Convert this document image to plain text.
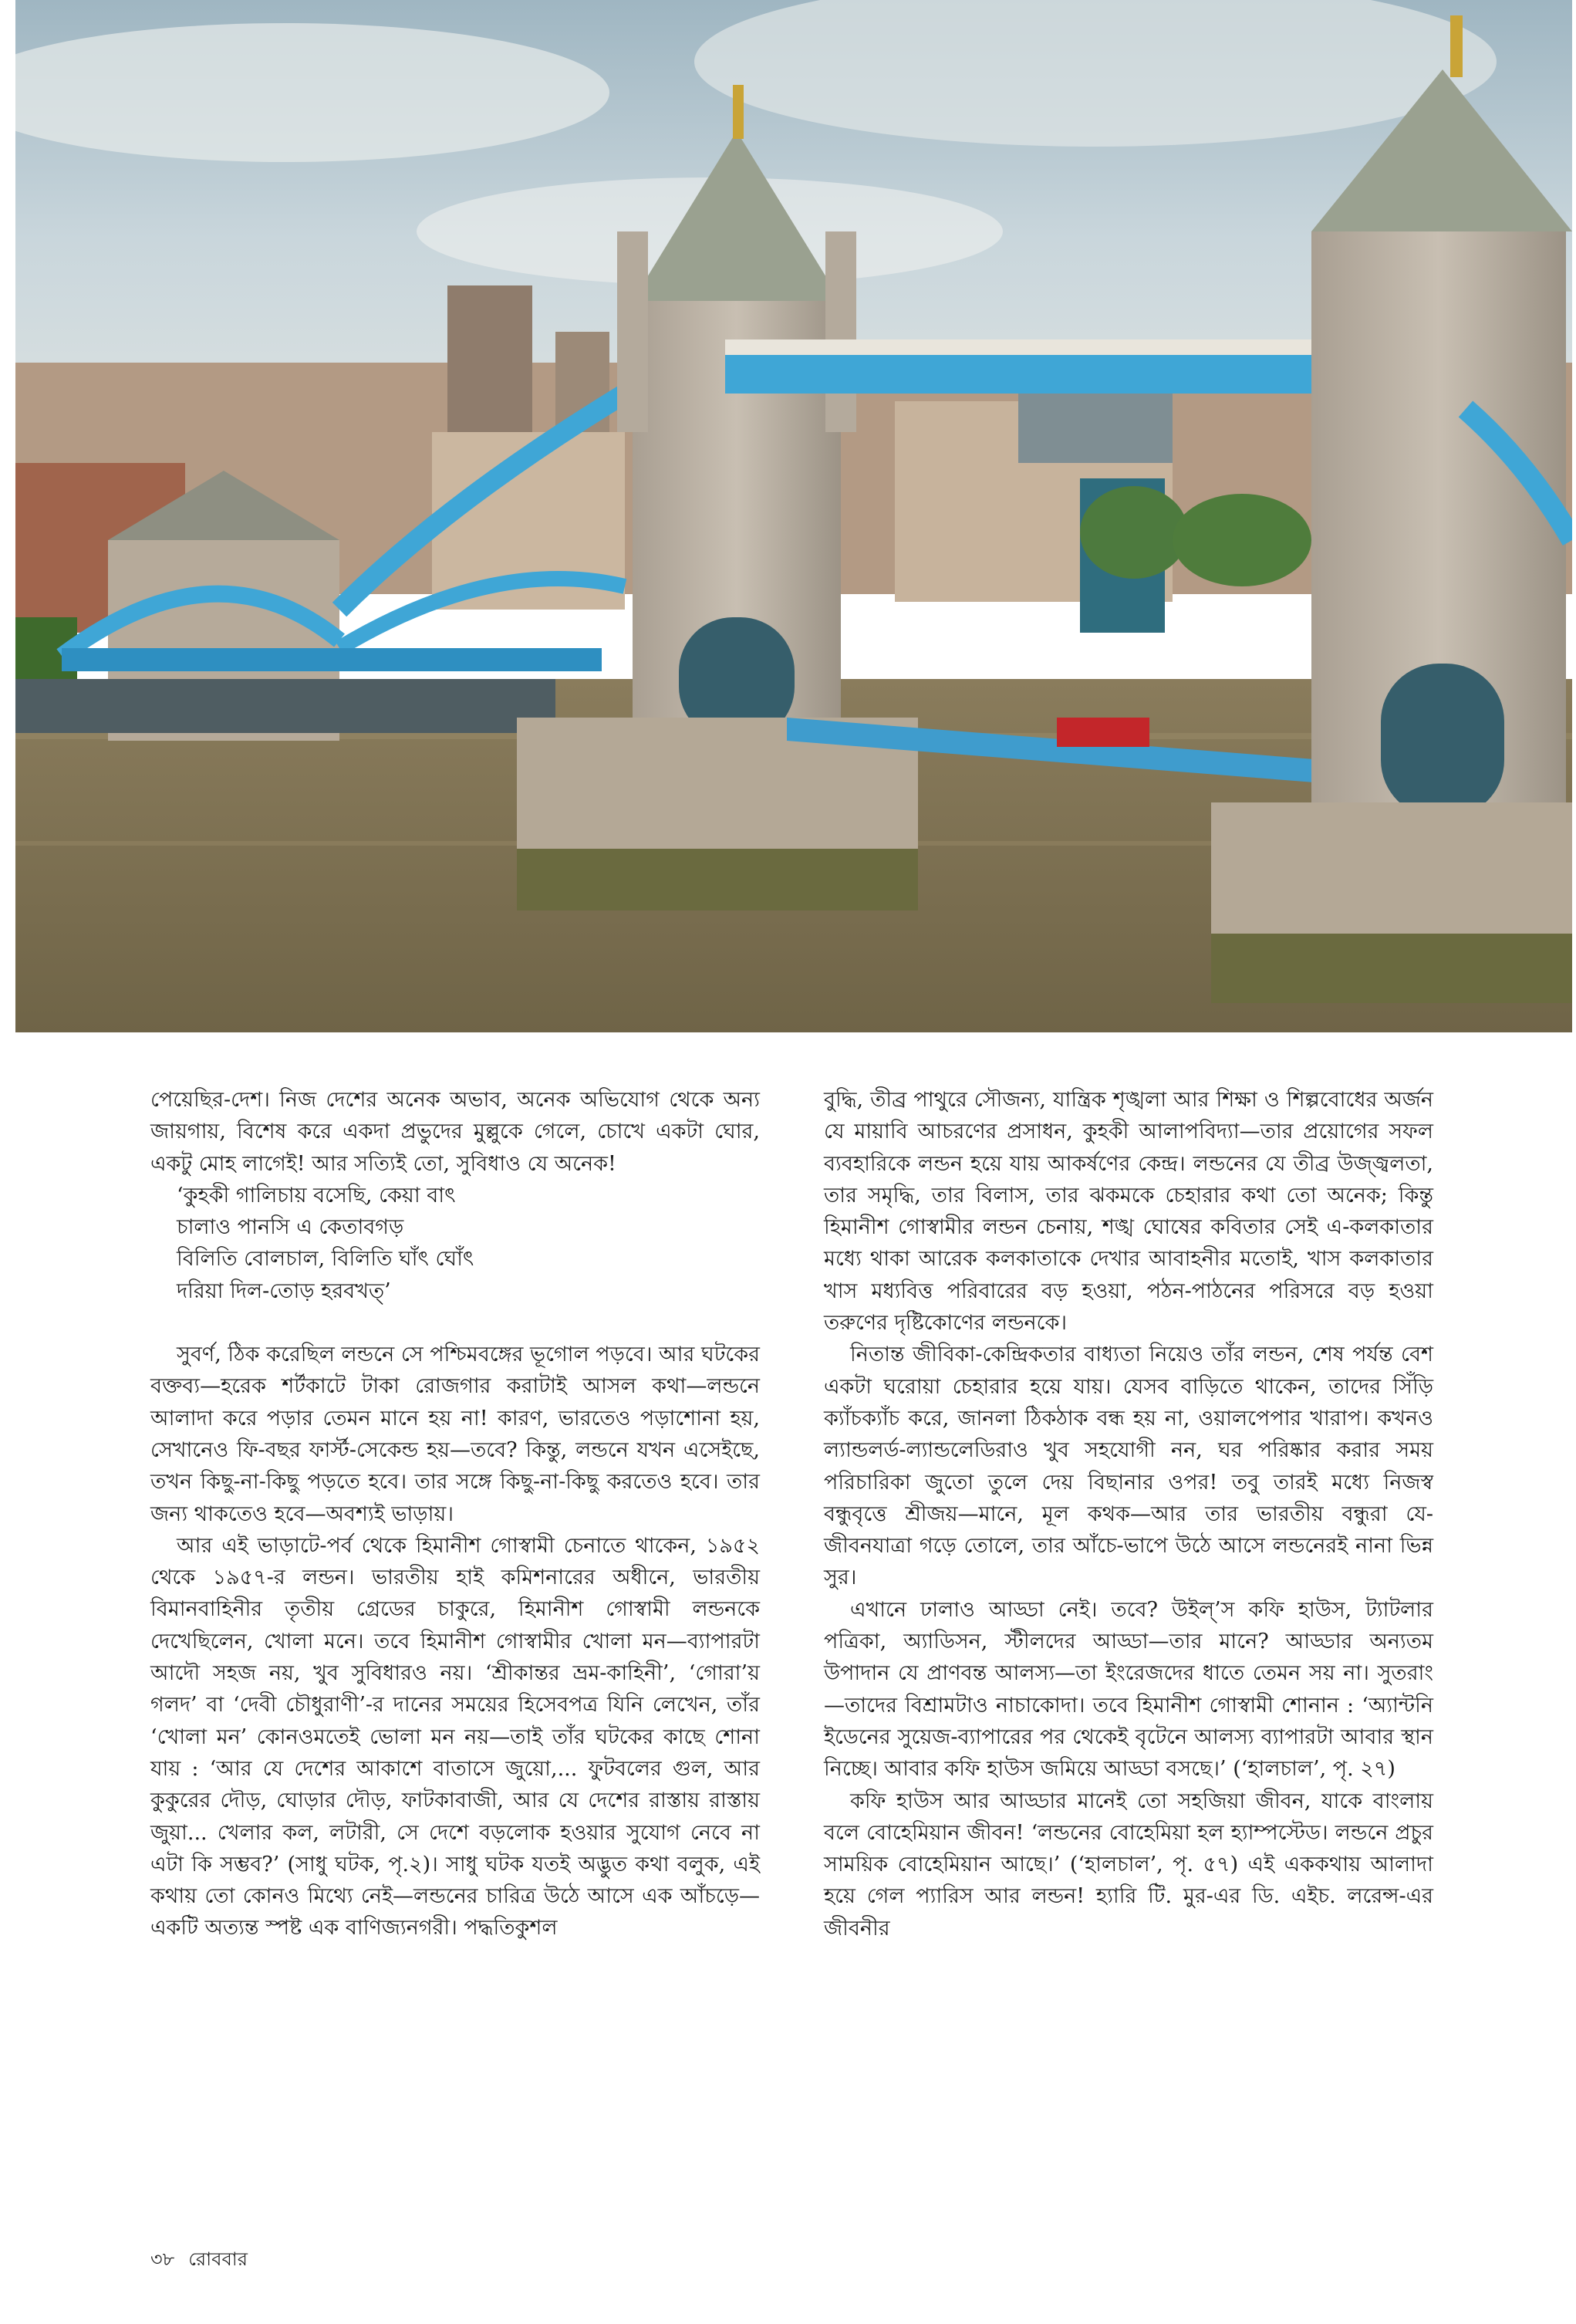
পেয়েছির-দেশ। নিজ দেশের অনেক অভাব, অনেক অভিযোগ থেকে অন্য জায়গায়, বিশেষ করে একদা প্রভুদের মুল্লুকে গেলে, চোখে একটা ঘোর, একটু মোহ লাগেই! আর সত্যিই তো, সুবিধাও যে অনেক!

‘কুহকী গালিচায় বসেছি, কেয়া বাৎ
চালাও পানসি এ কেতাবগড়
বিলিতি বোলচাল, বিলিতি ঘাঁৎ ঘোঁৎ
দরিয়া দিল-তোড় হরবখত্’

সুবর্ণ, ঠিক করেছিল লন্ডনে সে পশ্চিমবঙ্গের ভূগোল পড়বে। আর ঘটকের বক্তব্য—হরেক শর্টকাটে টাকা রোজগার করাটাই আসল কথা—লন্ডনে আলাদা করে পড়ার তেমন মানে হয় না! কারণ, ভারতেও পড়াশোনা হয়, সেখানেও ফি-বছর ফার্স্ট-সেকেন্ড হয়—তবে? কিন্তু, লন্ডনে যখন এসেইছে, তখন কিছু-না-কিছু পড়তে হবে। তার সঙ্গে কিছু-না-কিছু করতেও হবে। তার জন্য থাকতেও হবে—অবশ্যই ভাড়ায়।

আর এই ভাড়াটে-পর্ব থেকে হিমানীশ গোস্বামী চেনাতে থাকেন, ১৯৫২ থেকে ১৯৫৭-র লন্ডন। ভারতীয় হাই কমিশনারের অধীনে, ভারতীয় বিমানবাহিনীর তৃতীয় গ্রেডের চাকুরে, হিমানীশ গোস্বামী লন্ডনকে দেখেছিলেন, খোলা মনে। তবে হিমানীশ গোস্বামীর খোলা মন—ব্যাপারটা আদৌ সহজ নয়, খুব সুবিধারও নয়। ‘শ্রীকান্তর ভ্রম-কাহিনী’, ‘গোরা’য় গলদ’ বা ‘দেবী চৌধুরাণী’-র দানের সময়ের হিসেবপত্র যিনি লেখেন, তাঁর ‘খোলা মন’ কোনওমতেই ভোলা মন নয়—তাই তাঁর ঘটকের কাছে শোনা যায় : ‘আর যে দেশের আকাশে বাতাসে জুয়ো,... ফুটবলের গুল, আর কুকুরের দৌড়, ঘোড়ার দৌড়, ফাটকাবাজী, আর যে দেশের রাস্তায় রাস্তায় জুয়া... খেলার কল, লটারী, সে দেশে বড়লোক হওয়ার সুযোগ নেবে না এটা কি সম্ভব?’ (সাধু ঘটক, পৃ.২)। সাধু ঘটক যতই অদ্ভুত কথা বলুক, এই কথায় তো কোনও মিথ্যে নেই—লন্ডনের চারিত্র উঠে আসে এক আঁচড়ে—একটি অত্যন্ত স্পষ্ট এক বাণিজ্যনগরী। পদ্ধতিকুশল

বুদ্ধি, তীব্র পাথুরে সৌজন্য, যান্ত্রিক শৃঙ্খলা আর শিক্ষা ও শিল্পবোধের অর্জন যে মায়াবি আচরণের প্রসাধন, কুহকী আলাপবিদ্যা—তার প্রয়োগের সফল ব্যবহারিকে লন্ডন হয়ে যায় আকর্ষণের কেন্দ্র। লন্ডনের যে তীব্র উজ্জ্বলতা, তার সমৃদ্ধি, তার বিলাস, তার ঝকমকে চেহারার কথা তো অনেক; কিন্তু হিমানীশ গোস্বামীর লন্ডন চেনায়, শঙ্খ ঘোষের কবিতার সেই এ-কলকাতার মধ্যে থাকা আরেক কলকাতাকে দেখার আবাহনীর মতোই, খাস কলকাতার খাস মধ্যবিত্ত পরিবারের বড় হওয়া, পঠন-পাঠনের পরিসরে বড় হওয়া তরুণের দৃষ্টিকোণের লন্ডনকে।

নিতান্ত জীবিকা-কেন্দ্রিকতার বাধ্যতা নিয়েও তাঁর লন্ডন, শেষ পর্যন্ত বেশ একটা ঘরোয়া চেহারার হয়ে যায়। যেসব বাড়িতে থাকেন, তাদের সিঁড়ি ক্যাঁচক্যাঁচ করে, জানলা ঠিকঠাক বন্ধ হয় না, ওয়ালপেপার খারাপ। কখনও ল্যান্ডলর্ড-ল্যান্ডলেডিরাও খুব সহযোগী নন, ঘর পরিষ্কার করার সময় পরিচারিকা জুতো তুলে দেয় বিছানার ওপর! তবু তারই মধ্যে নিজস্ব বন্ধুবৃত্তে শ্রীজয়—মানে, মূল কথক—আর তার ভারতীয় বন্ধুরা যে-জীবনযাত্রা গড়ে তোলে, তার আঁচে-ভাপে উঠে আসে লন্ডনেরই নানা ভিন্ন সুর।

এখানে ঢালাও আড্ডা নেই। তবে? উইল্’স কফি হাউস, ট্যাটলার পত্রিকা, অ্যাডিসন, স্টীলদের আড্ডা—তার মানে? আড্ডার অন্যতম উপাদান যে প্রাণবন্ত আলস্য—তা ইংরেজদের ধাতে তেমন সয় না। সুতরাং—তাদের বিশ্রামটাও নাচাকোদা। তবে হিমানীশ গোস্বামী শোনান : ‘অ্যান্টনি ইডেনের সুয়েজ-ব্যাপারের পর থেকেই বৃটেনে আলস্য ব্যাপারটা আবার স্থান নিচ্ছে। আবার কফি হাউস জমিয়ে আড্ডা বসছে।’ (‘হালচাল’, পৃ. ২৭)

কফি হাউস আর আড্ডার মানেই তো সহজিয়া জীবন, যাকে বাংলায় বলে বোহেমিয়ান জীবন! ‘লন্ডনের বোহেমিয়া হল হ্যাম্পস্টেড। লন্ডনে প্রচুর সাময়িক বোহেমিয়ান আছে।’ (‘হালচাল’, পৃ. ৫৭) এই এককথায় আলাদা হয়ে গেল প্যারিস আর লন্ডন! হ্যারি টি. মুর-এর ডি. এইচ. লরেন্স-এর জীবনীর

৩৮ রোববার
